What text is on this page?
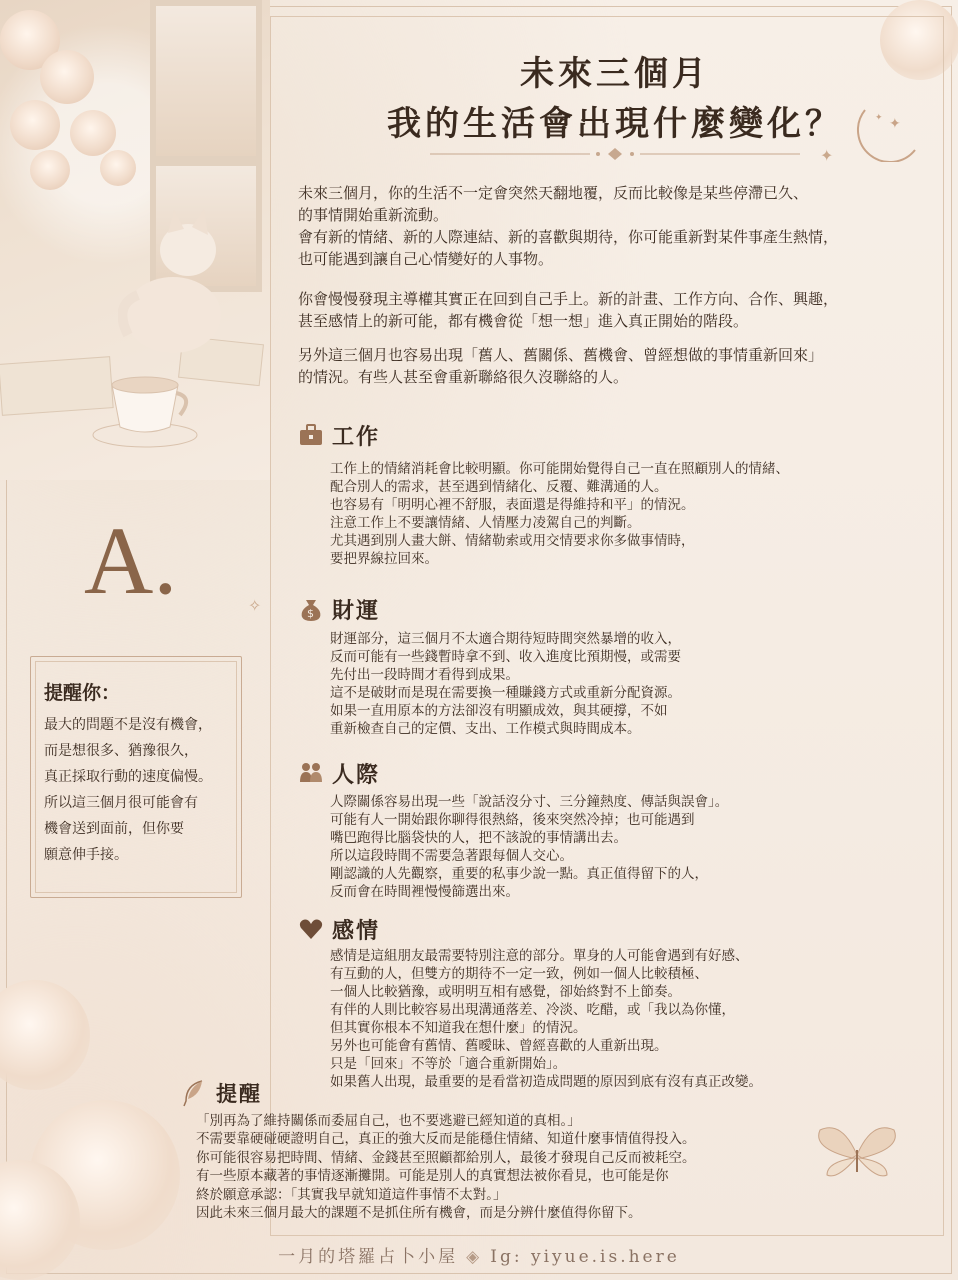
未來三個月
我的生活會出現什麼變化？	✦
✦
✦
✧

未來三個月，你的生活不一定會突然天翻地覆，反而比較像是某些停滯已久、
的事情開始重新流動。
會有新的情緒、新的人際連結、新的喜歡與期待，你可能重新對某件事產生熱情，
也可能遇到讓自己心情變好的人事物。

你會慢慢發現主導權其實正在回到自己手上。新的計畫、工作方向、合作、興趣，
甚至感情上的新可能，都有機會從「想一想」進入真正開始的階段。

另外這三個月也容易出現「舊人、舊關係、舊機會、曾經想做的事情重新回來」
的情況。有些人甚至會重新聯絡很久沒聯絡的人。

工作
工作上的情緒消耗會比較明顯。你可能開始覺得自己一直在照顧別人的情緒、
配合別人的需求，甚至遇到情緒化、反覆、難溝通的人。
也容易有「明明心裡不舒服，表面還是得維持和平」的情況。
注意工作上不要讓情緒、人情壓力凌駕自己的判斷。
尤其遇到別人畫大餅、情緒勒索或用交情要求你多做事情時，
要把界線拉回來。
A.
提醒你：
最大的問題不是沒有機會，
而是想很多、猶豫很久，
真正採取行動的速度偏慢。
所以這三個月很可能會有
機會送到面前，但你要
願意伸手接。
$ 財運
財運部分，這三個月不太適合期待短時間突然暴增的收入，
反而可能有一些錢暫時拿不到、收入進度比預期慢，或需要
先付出一段時間才看得到成果。
這不是破財而是現在需要換一種賺錢方式或重新分配資源。
如果一直用原本的方法卻沒有明顯成效，與其硬撐，不如
重新檢查自己的定價、支出、工作模式與時間成本。
人際
人際關係容易出現一些「說話沒分寸、三分鐘熱度、傳話與誤會」。
可能有人一開始跟你聊得很熱絡，後來突然冷掉；也可能遇到
嘴巴跑得比腦袋快的人，把不該說的事情講出去。
所以這段時間不需要急著跟每個人交心。
剛認識的人先觀察，重要的私事少說一點。真正值得留下的人，
反而會在時間裡慢慢篩選出來。
感情
感情是這組朋友最需要特別注意的部分。單身的人可能會遇到有好感、
有互動的人，但雙方的期待不一定一致，例如一個人比較積極、
一個人比較猶豫，或明明互相有感覺，卻始終對不上節奏。
有伴的人則比較容易出現溝通落差、冷淡、吃醋，或「我以為你懂，
但其實你根本不知道我在想什麼」的情況。
另外也可能會有舊情、舊曖昧、曾經喜歡的人重新出現。
只是「回來」不等於「適合重新開始」。
如果舊人出現，最重要的是看當初造成問題的原因到底有沒有真正改變。
提醒
「別再為了維持關係而委屈自己，也不要逃避已經知道的真相。」
不需要靠硬碰硬證明自己，真正的強大反而是能穩住情緒、知道什麼事情值得投入。
你可能很容易把時間、情緒、金錢甚至照顧都給別人，最後才發現自己反而被耗空。
有一些原本藏著的事情逐漸攤開。可能是別人的真實想法被你看見，也可能是你
終於願意承認：「其實我早就知道這件事情不太對。」
因此未來三個月最大的課題不是抓住所有機會，而是分辨什麼值得你留下。
一月的塔羅占卜小屋 ◈ Ig: yiyue.is.here
